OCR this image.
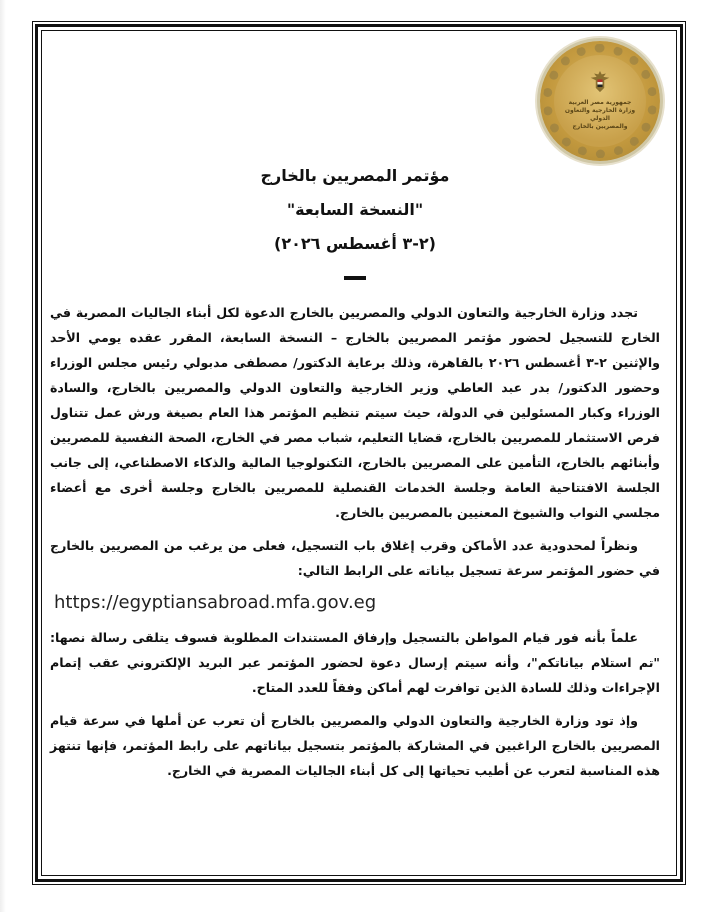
جمهورية مصر العربية
وزارة الخارجية والتعاون الدولي
والمصريين بالخارج

مؤتمر المصريين بالخارج

"النسخة السابعة"

(٢-٣ أغسطس ٢٠٢٦)

تجدد وزارة الخارجية والتعاون الدولي والمصريين بالخارج الدعوة لكل أبناء الجاليات المصرية في الخارج للتسجيل لحضور مؤتمر المصريين بالخارج – النسخة السابعة، المقرر عقده يومي الأحد والإثنين ٢-٣ أغسطس ٢٠٢٦ بالقاهرة، وذلك برعاية الدكتور/ مصطفى مدبولي رئيس مجلس الوزراء وحضور الدكتور/ بدر عبد العاطي وزير الخارجية والتعاون الدولي والمصريين بالخارج، والسادة الوزراء وكبار المسئولين في الدولة، حيث سيتم تنظيم المؤتمر هذا العام بصيغة ورش عمل تتناول فرص الاستثمار للمصريين بالخارج، قضايا التعليم، شباب مصر في الخارج، الصحة النفسية للمصريين وأبنائهم بالخارج، التأمين على المصريين بالخارج، التكنولوجيا المالية والذكاء الاصطناعي، إلى جانب الجلسة الافتتاحية العامة وجلسة الخدمات القنصلية للمصريين بالخارج وجلسة أخرى مع أعضاء مجلسي النواب والشيوخ المعنيين بالمصريين بالخارج.

ونظراً لمحدودية عدد الأماكن وقرب إغلاق باب التسجيل، فعلى من يرغب من المصريين بالخارج في حضور المؤتمر سرعة تسجيل بياناته على الرابط التالي:

https://egyptiansabroad.mfa.gov.eg

علماً بأنه فور قيام المواطن بالتسجيل وإرفاق المستندات المطلوبة فسوف يتلقى رسالة نصها: "تم استلام بياناتكم"، وأنه سيتم إرسال دعوة لحضور المؤتمر عبر البريد الإلكتروني عقب إتمام الإجراءات وذلك للسادة الذين توافرت لهم أماكن وفقاً للعدد المتاح.

وإذ تود وزارة الخارجية والتعاون الدولي والمصريين بالخارج أن تعرب عن أملها في سرعة قيام المصريين بالخارج الراغبين في المشاركة بالمؤتمر بتسجيل بياناتهم على رابط المؤتمر، فإنها تنتهز هذه المناسبة لتعرب عن أطيب تحياتها إلى كل أبناء الجاليات المصرية في الخارج.
